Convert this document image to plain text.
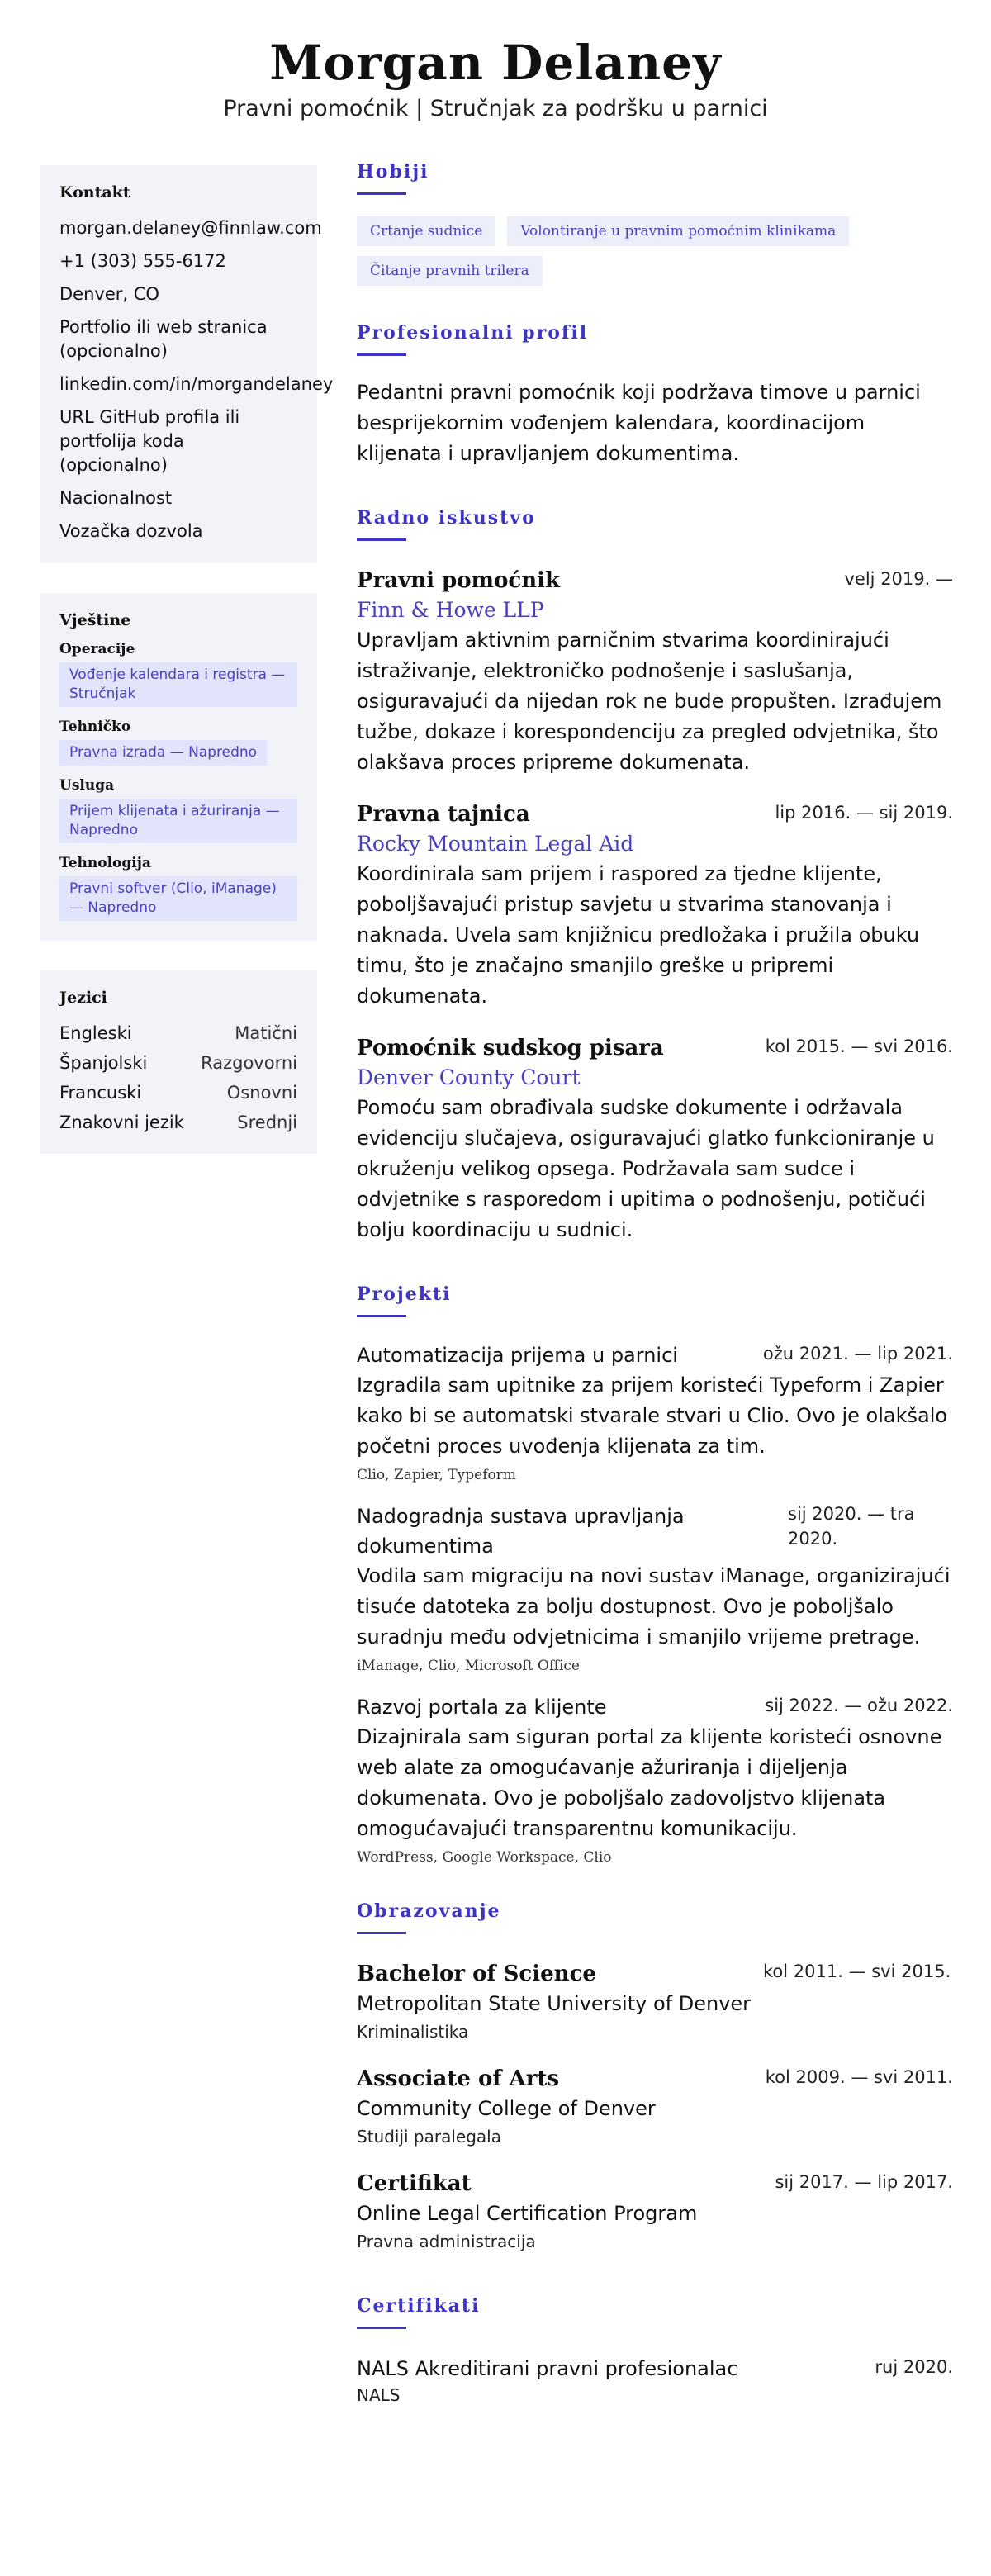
Morgan Delaney
Pravni pomoćnik | Stručnjak za podršku u parnici
Kontakt
morgan.delaney@finnlaw.com
+1 (303) 555-6172
Denver, CO
Portfolio ili web stranica (opcionalno)
linkedin.com/in/morgandelaney
URL GitHub profila ili portfolija koda (opcionalno)
Nacionalnost
Vozačka dozvola
Vještine
Operacije
Vođenje kalendara i registra — Stručnjak
Tehničko
Pravna izrada — Napredno
Usluga
Prijem klijenata i ažuriranja — Napredno
Tehnologija
Pravni softver (Clio, iManage) — Napredno
Jezici
Engleski	Matični
Španjolski	Razgovorni
Francuski	Osnovni
Znakovni jezik	Srednji
Hobiji
Crtanje sudnice	Volontiranje u pravnim pomoćnim klinikama
Čitanje pravnih trilera
Profesionalni profil
Pedantni pravni pomoćnik koji podržava timove u parnici besprijekornim vođenjem kalendara, koordinacijom klijenata i upravljanjem dokumentima.
Radno iskustvo
Pravni pomoćnik	velj 2019. —
Finn & Howe LLP
Upravljam aktivnim parničnim stvarima koordinirajući istraživanje, elektroničko podnošenje i saslušanja, osiguravajući da nijedan rok ne bude propušten. Izrađujem tužbe, dokaze i korespondenciju za pregled odvjetnika, što olakšava proces pripreme dokumenata.
Pravna tajnica	lip 2016. — sij 2019.
Rocky Mountain Legal Aid
Koordinirala sam prijem i raspored za tjedne klijente, poboljšavajući pristup savjetu u stvarima stanovanja i naknada. Uvela sam knjižnicu predložaka i pružila obuku timu, što je značajno smanjilo greške u pripremi dokumenata.
Pomoćnik sudskog pisara	kol 2015. — svi 2016.
Denver County Court
Pomoću sam obrađivala sudske dokumente i održavala evidenciju slučajeva, osiguravajući glatko funkcioniranje u okruženju velikog opsega. Podržavala sam sudce i odvjetnike s rasporedom i upitima o podnošenju, potičući bolju koordinaciju u sudnici.
Projekti
Automatizacija prijema u parnici	ožu 2021. — lip 2021.
Izgradila sam upitnike za prijem koristeći Typeform i Zapier kako bi se automatski stvarale stvari u Clio. Ovo je olakšalo početni proces uvođenja klijenata za tim.
Clio, Zapier, Typeform
Nadogradnja sustava upravljanja dokumentima
sij 2020. — tra 2020.
Vodila sam migraciju na novi sustav iManage, organizirajući tisuće datoteka za bolju dostupnost. Ovo je poboljšalo suradnju među odvjetnicima i smanjilo vrijeme pretrage.
iManage, Clio, Microsoft Office
Razvoj portala za klijente	sij 2022. — ožu 2022.
Dizajnirala sam siguran portal za klijente koristeći osnovne web alate za omogućavanje ažuriranja i dijeljenja dokumenata. Ovo je poboljšalo zadovoljstvo klijenata omogućavajući transparentnu komunikaciju.
WordPress, Google Workspace, Clio
Obrazovanje
Bachelor of Science
Metropolitan State University of Denver
kol 2011. — svi 2015.
Kriminalistika
Associate of Arts	kol 2009. — svi 2011.
Community College of Denver
Studiji paralegala
Certifikat	sij 2017. — lip 2017.
Online Legal Certification Program
Pravna administracija
Certifikati
NALS Akreditirani pravni profesionalac	ruj 2020.
NALS
